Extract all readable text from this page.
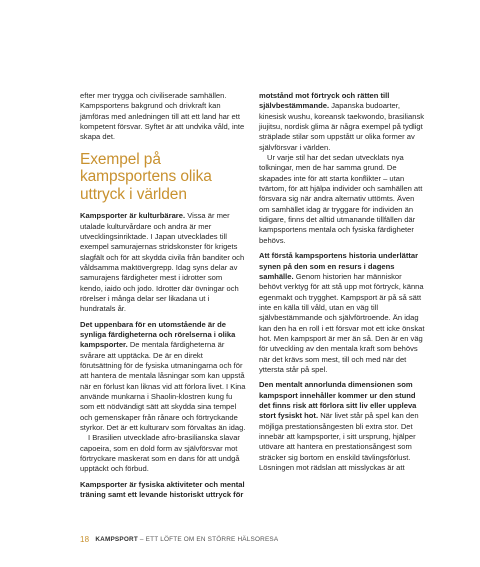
efter mer trygga och civiliserade samhällen. Kampsportens bakgrund och drivkraft kan jämföras med anledningen till att ett land har ett kompetent försvar. Syftet är att undvika våld, inte skapa det.

Exempel på kampsportens olika uttryck i världen

Kampsporter är kulturbärare. Vissa är mer utalade kulturvårdare och andra är mer utvecklingsinriktade. I Japan utvecklades till exempel samurajernas stridskonster för krigets slagfält och för att skydda civila från banditer och våldsamma maktövergrepp. Idag syns delar av samurajens färdigheter mest i idrotter som kendo, iaido och jodo. Idrotter där övningar och rörelser i många delar ser likadana ut i hundratals år.

Det uppenbara för en utomstående är de synliga färdigheterna och rörelserna i olika kampsporter. De mentala färdigheterna är svårare att upptäcka. De är en direkt förutsättning för de fysiska utmaningarna och för att hantera de mentala låsningar som kan uppstå när en förlust kan liknas vid att förlora livet. I Kina använde munkarna i Shaolin-klostren kung fu som ett nödvändigt sätt att skydda sina tempel och gemenskaper från rånare och förtryckande styrkor. Det är ett kulturarv som förvaltas än idag.

I Brasilien utvecklade afro-brasilianska slavar capoeira, som en dold form av självförsvar mot förtryckare maskerat som en dans för att undgå upptäckt och förbud.

Kampsporter är fysiska aktiviteter och mental träning samt ett levande historiskt uttryck för

motstånd mot förtryck och rätten till självbestämmande. Japanska budoarter, kinesisk wushu, koreansk taekwondo, brasiliansk jiujitsu, nordisk glima är några exempel på tydligt sträplade stilar som uppstått ur olika former av självförsvar i världen.

Ur varje stil har det sedan utvecklats nya tolkningar, men de har samma grund. De skapades inte för att starta konflikter – utan tvärtom, för att hjälpa individer och samhällen att försvara sig när andra alternativ uttömts. Även om samhället idag är tryggare för individen än tidigare, finns det alltid utmanande tillfällen där kampsportens mentala och fysiska färdigheter behövs.

Att förstå kampsportens historia underlättar synen på den som en resurs i dagens samhälle. Genom historien har människor behövt verktyg för att stå upp mot förtryck, känna egenmakt och trygghet. Kampsport är på så sätt inte en källa till våld, utan en väg till självbestämmande och självförtroende. Än idag kan den ha en roll i ett försvar mot ett icke önskat hot. Men kampsport är mer än så. Den är en väg för utveckling av den mentala kraft som behövs när det krävs som mest, till och med när det yttersta står på spel.

Den mentalt annorlunda dimensionen som kampsport innehåller kommer ur den stund det finns risk att förlora sitt liv eller uppleva stort fysiskt hot. När livet står på spel kan den möjliga prestationsångesten bli extra stor. Det innebär att kampsporter, i sitt ursprung, hjälper utövare att hantera en prestationsångest som sträcker sig bortom en enskild tävlingsförlust. Lösningen mot rädslan att misslyckas är att

18 KAMPSPORT – ETT LÖFTE OM EN STÖRRE HÄLSORESA
